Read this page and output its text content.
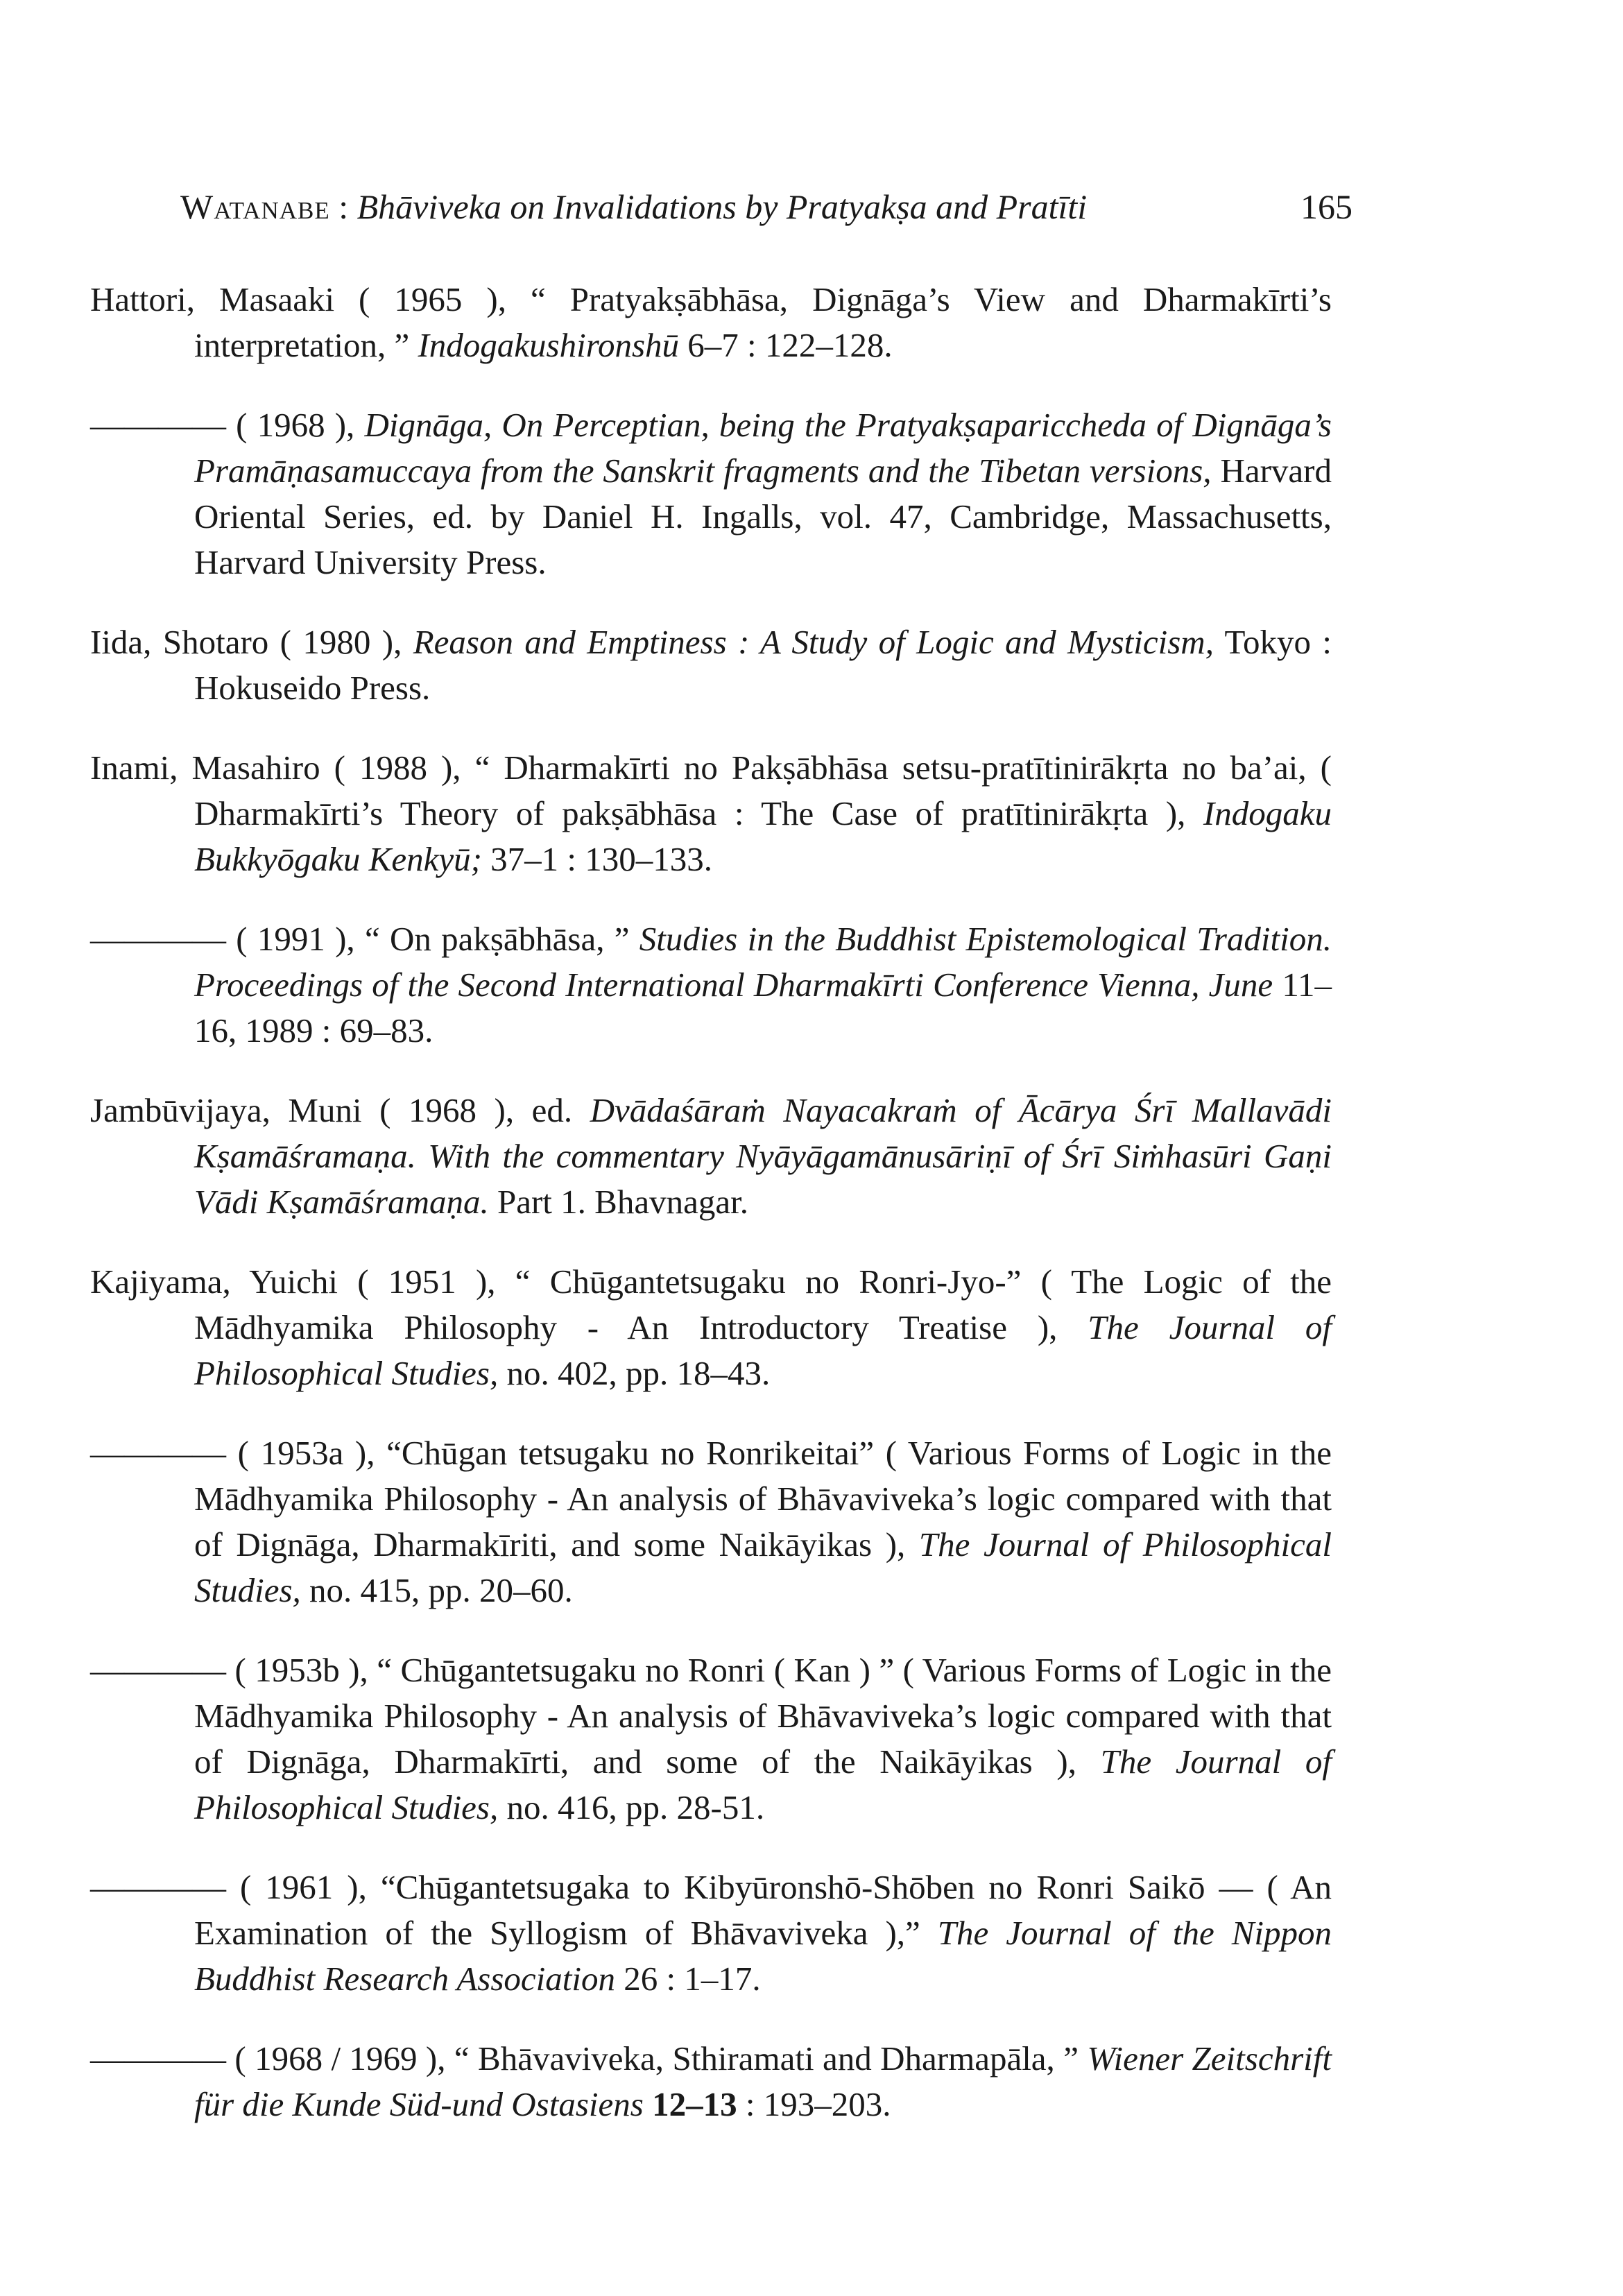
Watanabe : Bhāviveka on Invalidations by Pratyakṣa and Pratīti	165

Hattori, Masaaki ( 1965 ), “ Pratyakṣābhāsa, Dignāga’s View and Dharmakīrti’s interpretation, ” Indogakushironshū 6–7 : 122–128.

———— ( 1968 ), Dignāga, On Perceptian, being the Pratyakṣapariccheda of Dignāga’s Pramāṇasamuccaya from the Sanskrit fragments and the Tibetan versions, Harvard Oriental Series, ed. by Daniel H. Ingalls, vol. 47, Cambridge, Massachusetts, Harvard University Press.

Iida, Shotaro ( 1980 ), Reason and Emptiness : A Study of Logic and Mysticism, Tokyo : Hokuseido Press.

Inami, Masahiro ( 1988 ), “ Dharmakīrti no Pakṣābhāsa setsu-pratītinirākṛta no ba’ai, ( Dharmakīrti’s Theory of pakṣābhāsa : The Case of pratītinirākṛta ), Indogaku Bukkyōgaku Kenkyū; 37–1 : 130–133.

———— ( 1991 ), “ On pakṣābhāsa, ” Studies in the Buddhist Epistemological Tradition. Proceedings of the Second International Dharmakīrti Conference Vienna, June 11–16, 1989 : 69–83.

Jambūvijaya, Muni ( 1968 ), ed. Dvādaśāraṁ Nayacakraṁ of Ācārya Śrī Mallavādi Kṣamāśramaṇa. With the commentary Nyāyāgamānusāriṇī of Śrī Siṁhasūri Gaṇi Vādi Kṣamāśramaṇa. Part 1. Bhavnagar.

Kajiyama, Yuichi ( 1951 ), “ Chūgantetsugaku no Ronri-Jyo-” ( The Logic of the Mādhyamika Philosophy - An Introductory Treatise ), The Journal of Philosophical Studies, no. 402, pp. 18–43.

———— ( 1953a ), “Chūgan tetsugaku no Ronrikeitai” ( Various Forms of Logic in the Mādhyamika Philosophy - An analysis of Bhāvaviveka’s logic compared with that of Dignāga, Dharmakīriti, and some Naikāyikas ), The Journal of Philosophical Studies, no. 415, pp. 20–60.

———— ( 1953b ), “ Chūgantetsugaku no Ronri ( Kan ) ” ( Various Forms of Logic in the Mādhyamika Philosophy - An analysis of Bhāvaviveka’s logic compared with that of Dignāga, Dharmakīrti, and some of the Naikāyikas ), The Journal of Philosophical Studies, no. 416, pp. 28-51.

———— ( 1961 ), “Chūgantetsugaka to Kibyūronshō-Shōben no Ronri Saikō — ( An Examination of the Syllogism of Bhāvaviveka ),” The Journal of the Nippon Buddhist Research Association 26 : 1–17.

———— ( 1968 / 1969 ), “ Bhāvaviveka, Sthiramati and Dharmapāla, ” Wiener Zeitschrift für die Kunde Süd-und Ostasiens 12–13 : 193–203.
